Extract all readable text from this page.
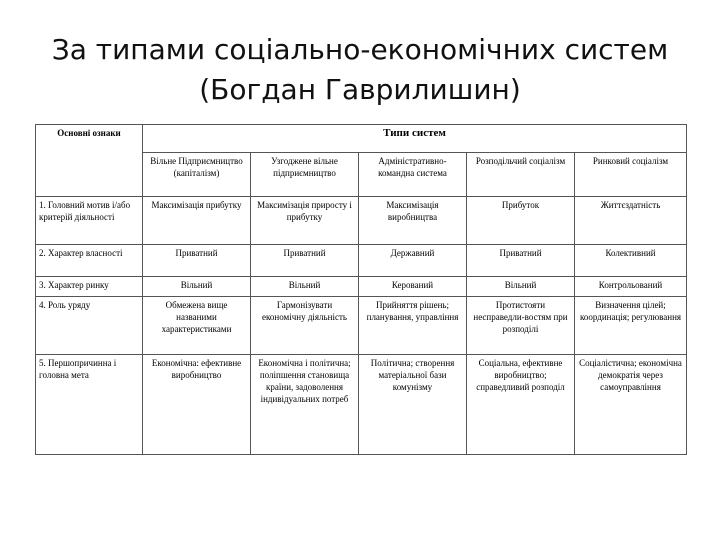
За типами соціально-економічних систем
(Богдан Гаврилишин)
Основні ознаки	Типи систем				
	Вільне Підприємництво (капіталізм)	Узгоджене вільне підприємництво	Адміністративно-командна система	Розподільчий соціалізм	Ринковий соціалізм
1. Головний мотив і/або критерій діяльності	Максимізація прибутку	Максимізація приросту і прибутку	Максимізація виробництва	Прибуток	Життєздатність
2. Характер власності	Приватний	Приватний	Державний	Приватний	Колективний
3. Характер ринку	Вільний	Вільний	Керований	Вільний	Контрольований
4. Роль уряду	Обмежена вище названими характеристиками	Гармонізувати економічну діяльність	Прийняття рішень; планування, управління	Протистояти несправедли-востям при розподілі	Визначення цілей; координація; регулювання
5. Першопричинна і головна мета	Економічна: ефективне виробництво	Економічна і політична; поліпшення становища країни, задоволення індивідуальних потреб	Політична; створення матеріальної бази комунізму	Соціальна, ефективне виробництво; справедливий розподіл	Соціалістична; економічна демократія через самоуправління
